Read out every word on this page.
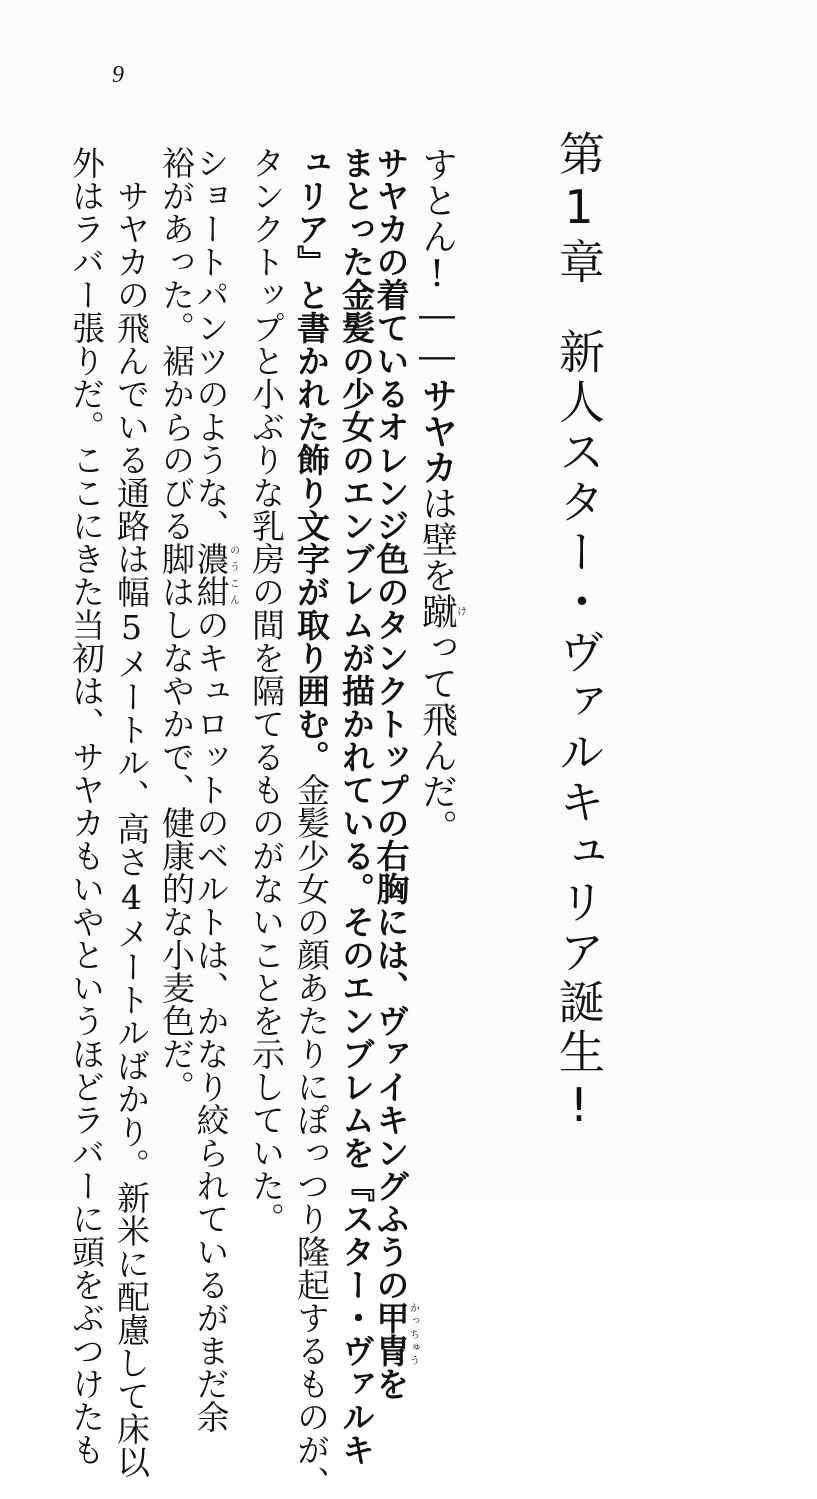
9
第1章新人スター・ヴァルキュリア誕生!
すとん!――サヤカは壁を蹴けって飛んだ。
サヤカの着ているオレンジ色のタンクトップの右胸には、ヴァイキングふうの甲冑かっちゅうを
まとった金髪の少女のエンブレムが描かれている。そのエンブレムを『スター・ヴァルキ
ュリア』と書かれた飾り文字が取り囲む。金髪少女の顔あたりにぽっつり隆起するものが、
タンクトップと小ぶりな乳房の間を隔てるものがないことを示していた。
ショートパンツのような、濃紺のうこんのキュロットのベルトは、かなり絞られているがまだ余
裕があった。裾からのびる脚はしなやかで、健康的な小麦色だ。
　サヤカの飛んでいる通路は幅5メートル、高さ4メートルばかり。新米に配慮して床以
外はラバー張りだ。ここにきた当初は、サヤカもいやというほどラバーに頭をぶつけたも
